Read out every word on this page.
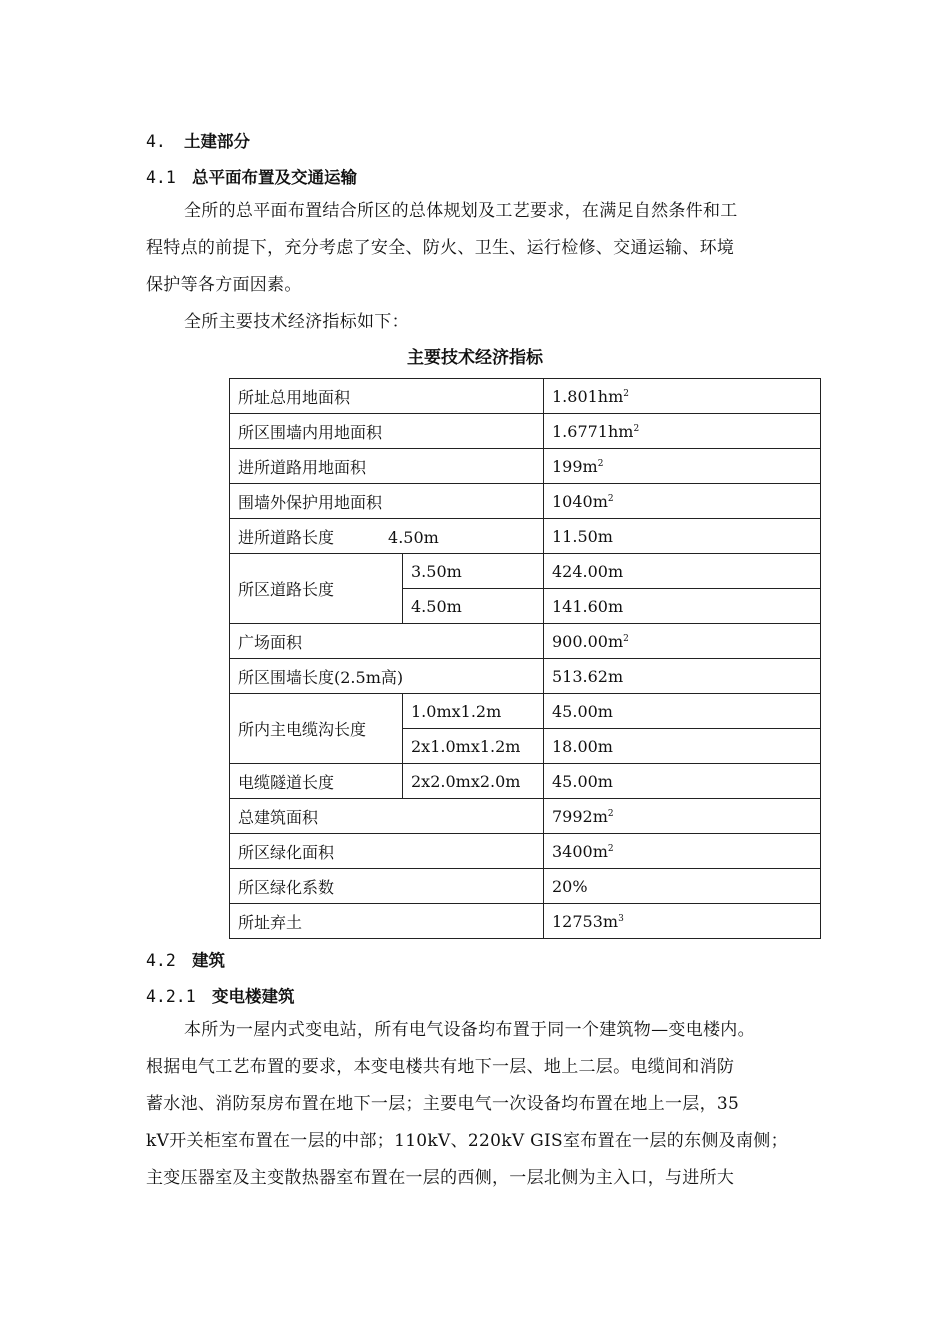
4. 土建部分
4.1 总平面布置及交通运输
全所的总平面布置结合所区的总体规划及工艺要求，在满足自然条件和工
程特点的前提下，充分考虑了安全、防火、卫生、运行检修、交通运输、环境
保护等各方面因素。
全所主要技术经济指标如下：
主要技术经济指标
所址总用地面积		$1.801hm^2$
所区围墙内用地面积		$1.6771hm^2$
进所道路用地面积		$199m^2$
围墙外保护用地面积		$1040m^2$
进所道路长度 4.50m		11.50m
所区道路长度	3.50m	424.00m
	4.50m	141.60m
广场面积		$900.00m^2$
所区围墙长度(2.5m高)		513.62m
所内主电缆沟长度	1.0mx1.2m	45.00m
	2x1.0mx1.2m	18.00m
电缆隧道长度	2x2.0mx2.0m	45.00m
总建筑面积		$7992m^2$
所区绿化面积		$3400m^2$
所区绿化系数		20%
所址弃土		$12753m^3$
4.2 建筑
4.2.1 变电楼建筑
本所为一屋内式变电站，所有电气设备均布置于同一个建筑物—变电楼内。
根据电气工艺布置的要求，本变电楼共有地下一层、地上二层。电缆间和消防
蓄水池、消防泵房布置在地下一层；主要电气一次设备均布置在地上一层，35
kV开关柜室布置在一层的中部；110kV、220kV GIS室布置在一层的东侧及南侧；
主变压器室及主变散热器室布置在一层的西侧，一层北侧为主入口，与进所大
